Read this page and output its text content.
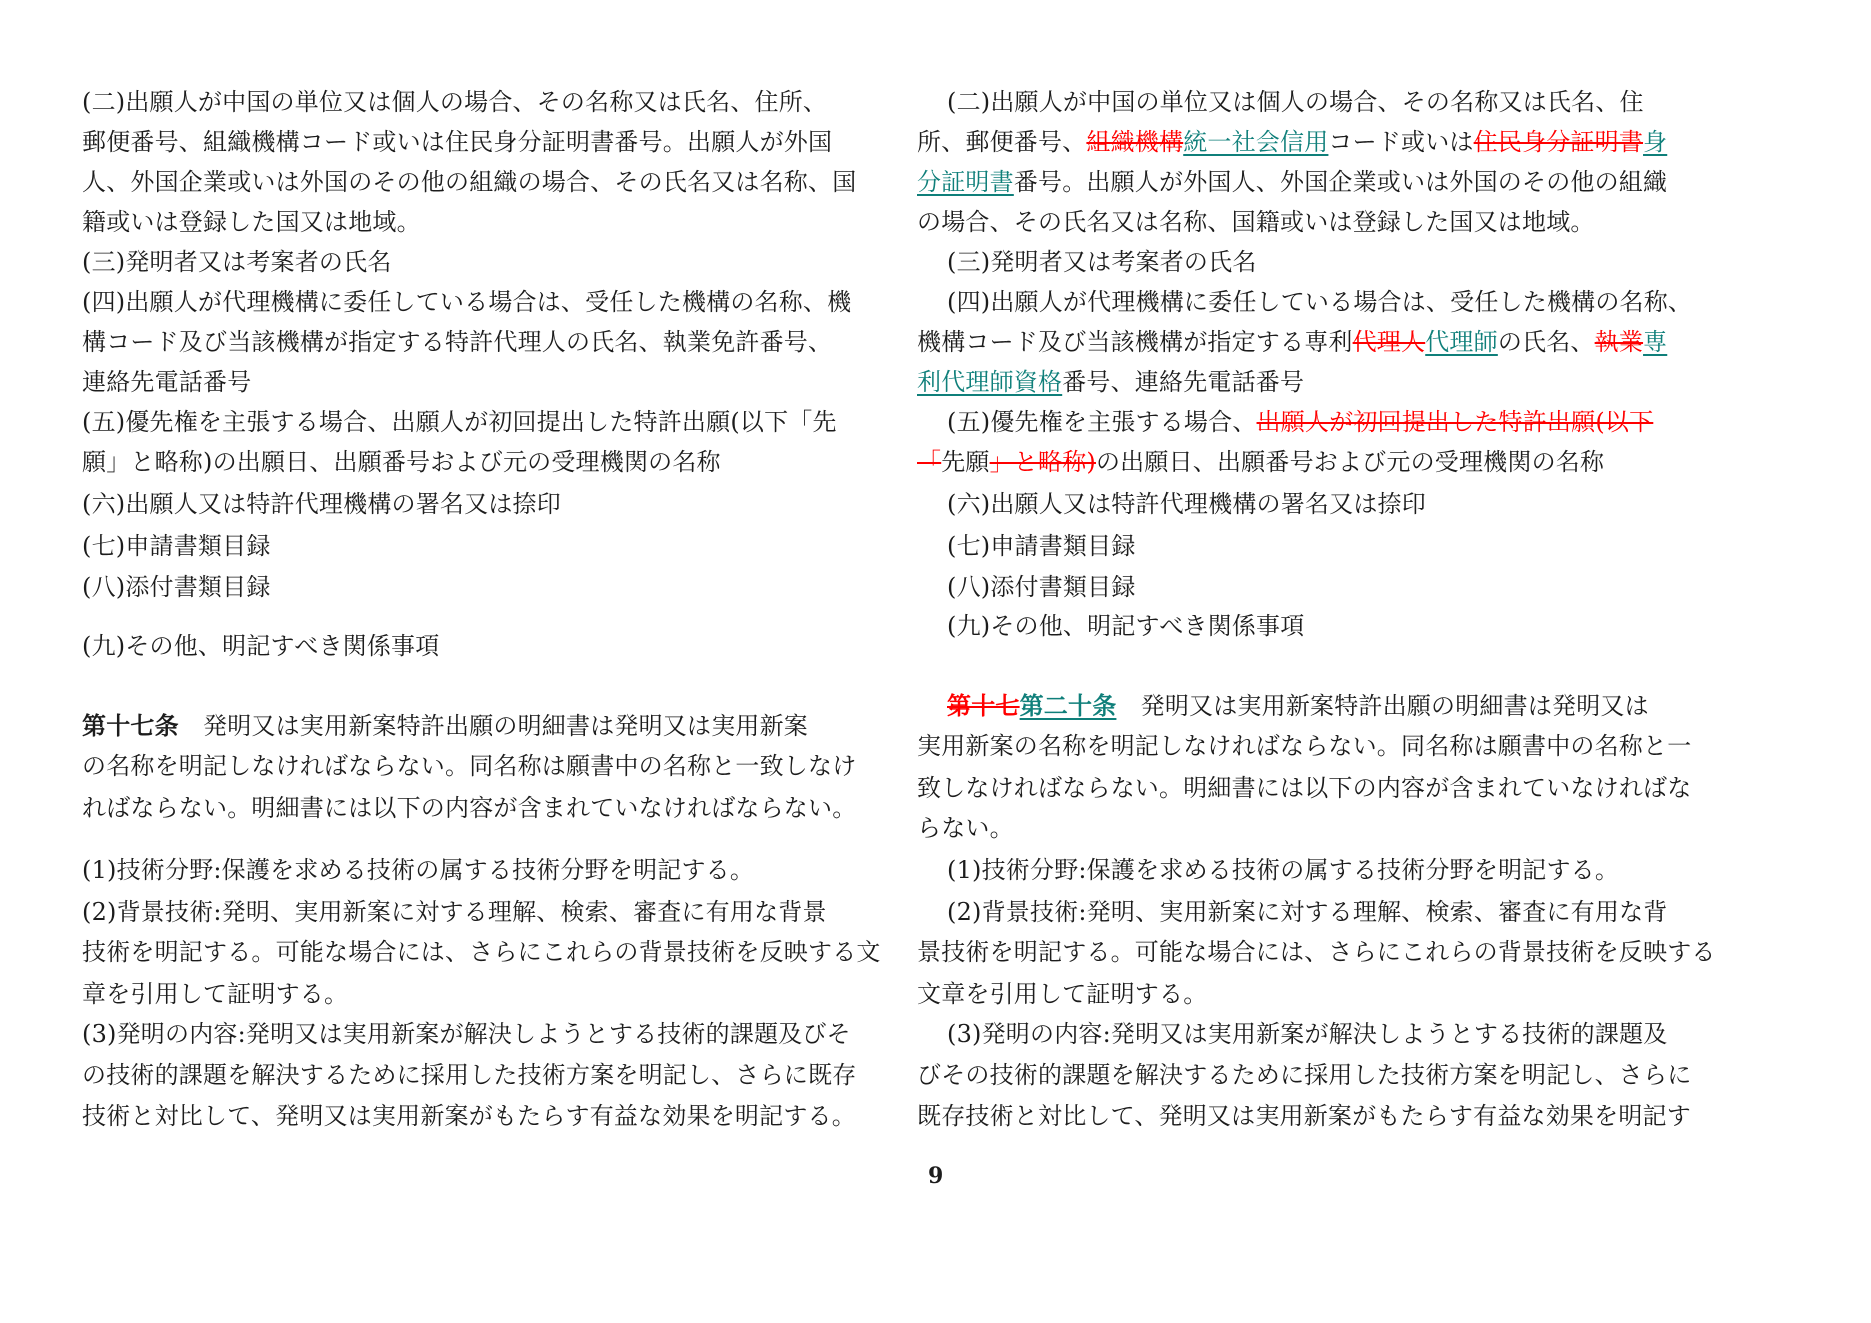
(二)出願人が中国の単位又は個人の場合、その名称又は氏名、住所、
郵便番号、組織機構コード或いは住民身分証明書番号。出願人が外国
人、外国企業或いは外国のその他の組織の場合、その氏名又は名称、国
籍或いは登録した国又は地域。
(三)発明者又は考案者の氏名
(四)出願人が代理機構に委任している場合は、受任した機構の名称、機
構コード及び当該機構が指定する特許代理人の氏名、執業免許番号、
連絡先電話番号
(五)優先権を主張する場合、出願人が初回提出した特許出願(以下「先
願」と略称)の出願日、出願番号および元の受理機関の名称
(六)出願人又は特許代理機構の署名又は捺印
(七)申請書類目録
(八)添付書類目録
(九)その他、明記すべき関係事項
第十七条　発明又は実用新案特許出願の明細書は発明又は実用新案
の名称を明記しなければならない。同名称は願書中の名称と一致しなけ
ればならない。明細書には以下の内容が含まれていなければならない。
(1)技術分野:保護を求める技術の属する技術分野を明記する。
(2)背景技術:発明、実用新案に対する理解、検索、審査に有用な背景
技術を明記する。可能な場合には、さらにこれらの背景技術を反映する文
章を引用して証明する。
(3)発明の内容:発明又は実用新案が解決しようとする技術的課題及びそ
の技術的課題を解決するために採用した技術方案を明記し、さらに既存
技術と対比して、発明又は実用新案がもたらす有益な効果を明記する。
(二)出願人が中国の単位又は個人の場合、その名称又は氏名、住
所、郵便番号、組織機構統一社会信用コード或いは住民身分証明書身
分証明書番号。出願人が外国人、外国企業或いは外国のその他の組織
の場合、その氏名又は名称、国籍或いは登録した国又は地域。
(三)発明者又は考案者の氏名
(四)出願人が代理機構に委任している場合は、受任した機構の名称、
機構コード及び当該機構が指定する専利代理人代理師の氏名、執業専
利代理師資格番号、連絡先電話番号
(五)優先権を主張する場合、出願人が初回提出した特許出願(以下
「先願」と略称)の出願日、出願番号および元の受理機関の名称
(六)出願人又は特許代理機構の署名又は捺印
(七)申請書類目録
(八)添付書類目録
(九)その他、明記すべき関係事項
第十七第二十条　発明又は実用新案特許出願の明細書は発明又は
実用新案の名称を明記しなければならない。同名称は願書中の名称と一
致しなければならない。明細書には以下の内容が含まれていなければな
らない。
(1)技術分野:保護を求める技術の属する技術分野を明記する。
(2)背景技術:発明、実用新案に対する理解、検索、審査に有用な背
景技術を明記する。可能な場合には、さらにこれらの背景技術を反映する
文章を引用して証明する。
(3)発明の内容:発明又は実用新案が解決しようとする技術的課題及
びその技術的課題を解決するために採用した技術方案を明記し、さらに
既存技術と対比して、発明又は実用新案がもたらす有益な効果を明記す
9
